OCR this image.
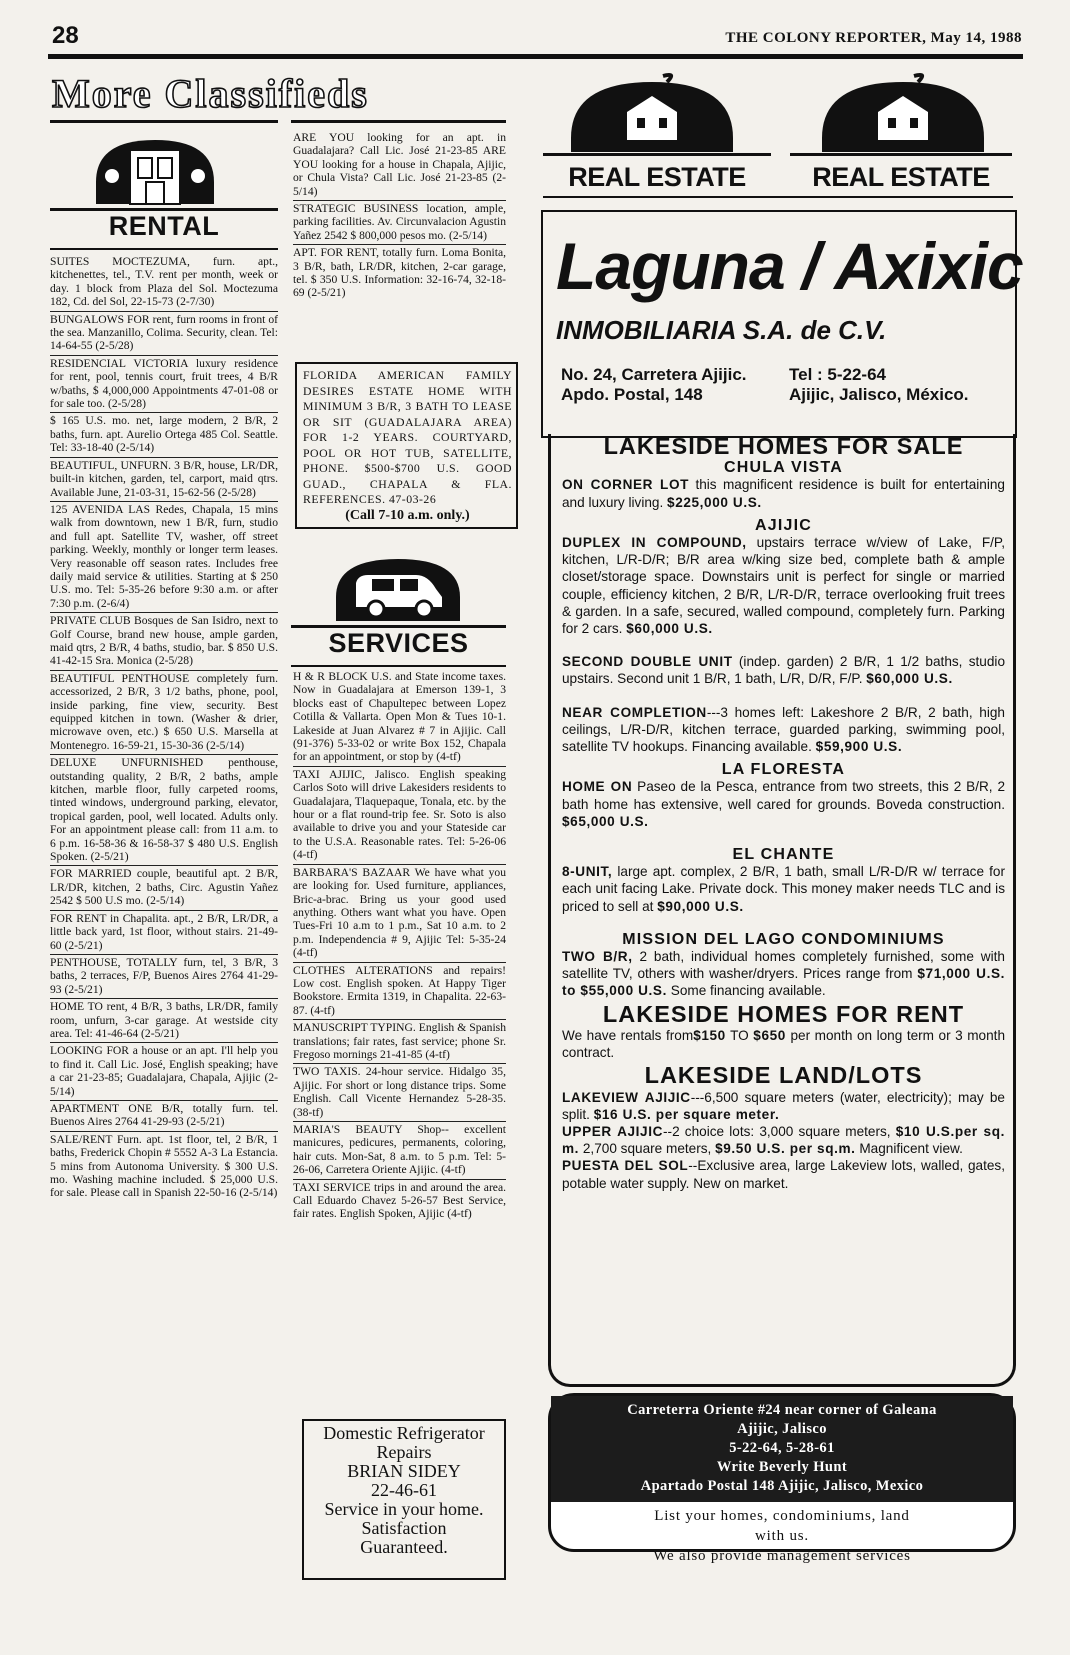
28	THE COLONY REPORTER, May 14, 1988
More Classifieds
RENTAL
SUITES MOCTEZUMA, furn. apt., kitchenettes, tel., T.V. rent per month, week or day. 1 block from Plaza del Sol. Moctezuma 182, Cd. del Sol, 22-15-73 (2-7/30)
BUNGALOWS FOR rent, furn rooms in front of the sea. Manzanillo, Colima. Security, clean. Tel: 14-64-55 (2-5/28)
RESIDENCIAL VICTORIA luxury residence for rent, pool, tennis court, fruit trees, 4 B/R w/baths, $ 4,000,000 Appointments 47-01-08 or for sale too. (2-5/28)
$ 165 U.S. mo. net, large modern, 2 B/R, 2 baths, furn. apt. Aurelio Ortega 485 Col. Seattle. Tel: 33-18-40 (2-5/14)
BEAUTIFUL, UNFURN. 3 B/R, house, LR/DR, built-in kitchen, garden, tel, carport, maid qtrs. Available June, 21-03-31, 15-62-56 (2-5/28)
125 AVENIDA LAS Redes, Chapala, 15 mins walk from downtown, new 1 B/R, furn, studio and full apt. Satellite TV, washer, off street parking. Weekly, monthly or longer term leases. Very reasonable off season rates. Includes free daily maid service & utilities. Starting at $ 250 U.S. mo. Tel: 5-35-26 before 9:30 a.m. or after 7:30 p.m. (2-6/4)
PRIVATE CLUB Bosques de San Isidro, next to Golf Course, brand new house, ample garden, maid qtrs, 2 B/R, 4 baths, studio, bar. $ 850 U.S. 41-42-15 Sra. Monica (2-5/28)
BEAUTIFUL PENTHOUSE completely furn. accessorized, 2 B/R, 3 1/2 baths, phone, pool, inside parking, fine view, security. Best equipped kitchen in town. (Washer & drier, microwave oven, etc.) $ 650 U.S. Marsella at Montenegro. 16-59-21, 15-30-36 (2-5/14)
DELUXE UNFURNISHED penthouse, outstanding quality, 2 B/R, 2 baths, ample kitchen, marble floor, fully carpeted rooms, tinted windows, underground parking, elevator, tropical garden, pool, well located. Adults only. For an appointment please call: from 11 a.m. to 6 p.m. 16-58-36 & 16-58-37 $ 480 U.S. English Spoken. (2-5/21)
FOR MARRIED couple, beautiful apt. 2 B/R, LR/DR, kitchen, 2 baths, Circ. Agustin Yañez 2542 $ 500 U.S mo. (2-5/14)
FOR RENT in Chapalita. apt., 2 B/R, LR/DR, a little back yard, 1st floor, without stairs. 21-49-60 (2-5/21)
PENTHOUSE, TOTALLY furn, tel, 3 B/R, 3 baths, 2 terraces, F/P, Buenos Aires 2764 41-29-93 (2-5/21)
HOME TO rent, 4 B/R, 3 baths, LR/DR, family room, unfurn, 3-car garage. At westside city area. Tel: 41-46-64 (2-5/21)
LOOKING FOR a house or an apt. I'll help you to find it. Call Lic. José, English speaking; have a car 21-23-85; Guadalajara, Chapala, Ajijic (2-5/14)
APARTMENT ONE B/R, totally furn. tel. Buenos Aires 2764 41-29-93 (2-5/21)
SALE/RENT Furn. apt. 1st floor, tel, 2 B/R, 1 baths, Frederick Chopin # 5552 A-3 La Estancia. 5 mins from Autonoma University. $ 300 U.S. mo. Washing machine included. $ 25,000 U.S. for sale. Please call in Spanish 22-50-16 (2-5/14)
ARE YOU looking for an apt. in Guadalajara? Call Lic. José 21-23-85 ARE YOU looking for a house in Chapala, Ajijic, or Chula Vista? Call Lic. José 21-23-85 (2-5/14)
STRATEGIC BUSINESS location, ample, parking facilities. Av. Circunvalacion Agustin Yañez 2542 $ 800,000 pesos mo. (2-5/14)
APT. FOR RENT, totally furn. Loma Bonita, 3 B/R, bath, LR/DR, kitchen, 2-car garage, tel. $ 350 U.S. Information: 32-16-74, 32-18-69 (2-5/21)
FLORIDA AMERICAN FAMILY DESIRES ESTATE HOME WITH MINIMUM 3 B/R, 3 BATH TO LEASE OR SIT (GUADALAJARA AREA) FOR 1-2 YEARS. COURTYARD, POOL OR HOT TUB, SATELLITE, PHONE. $500-$700 U.S. GOOD GUAD., CHAPALA & FLA. REFERENCES. 47-03-26
(Call 7-10 a.m. only.)
SERVICES
H & R BLOCK U.S. and State income taxes. Now in Guadalajara at Emerson 139-1, 3 blocks east of Chapultepec between Lopez Cotilla & Vallarta. Open Mon & Tues 10-1. Lakeside at Juan Alvarez # 7 in Ajijic. Call (91-376) 5-33-02 or write Box 152, Chapala for an appointment, or stop by (4-tf)
TAXI AJIJIC, Jalisco. English speaking Carlos Soto will drive Lakesiders residents to Guadalajara, Tlaquepaque, Tonala, etc. by the hour or a flat round-trip fee. Sr. Soto is also available to drive you and your Stateside car to the U.S.A. Reasonable rates. Tel: 5-26-06 (4-tf)
BARBARA'S BAZAAR We have what you are looking for. Used furniture, appliances, Bric-a-brac. Bring us your good used anything. Others want what you have. Open Tues-Fri 10 a.m to 1 p.m., Sat 10 a.m. to 2 p.m. Independencia # 9, Ajijic Tel: 5-35-24 (4-tf)
CLOTHES ALTERATIONS and repairs! Low cost. English spoken. At Happy Tiger Bookstore. Ermita 1319, in Chapalita. 22-63-87. (4-tf)
MANUSCRIPT TYPING. English & Spanish translations; fair rates, fast service; phone Sr. Fregoso mornings 21-41-85 (4-tf)
TWO TAXIS. 24-hour service. Hidalgo 35, Ajijic. For short or long distance trips. Some English. Call Vicente Hernandez 5-28-35. (38-tf)
MARIA'S BEAUTY Shop-- excellent manicures, pedicures, permanents, coloring, hair cuts. Mon-Sat, 8 a.m. to 5 p.m. Tel: 5-26-06, Carretera Oriente Ajijic. (4-tf)
TAXI SERVICE trips in and around the area. Call Eduardo Chavez 5-26-57 Best Service, fair rates. English Spoken, Ajijic (4-tf)
Domestic Refrigerator
Repairs
BRIAN SIDEY
22-46-61
Service in your home.
Satisfaction
Guaranteed.
REAL ESTATE	REAL ESTATE
Laguna / Axixic
INMOBILIARIA S.A. de C.V.
No. 24, Carretera Ajijic.
Apdo. Postal, 148
Tel : 5-22-64
Ajijic, Jalisco, México.
LAKESIDE HOMES FOR SALE
CHULA VISTA

ON CORNER LOT this magnificent residence is built for entertaining and luxury living. $225,000 U.S.

AJIJIC

DUPLEX IN COMPOUND, upstairs terrace w/view of Lake, F/P, kitchen, L/R-D/R; B/R area w/king size bed, complete bath & ample closet/storage space. Downstairs unit is perfect for single or married couple, efficiency kitchen, 2 B/R, L/R-D/R, terrace overlooking fruit trees & garden. In a safe, secured, walled compound, completely furn. Parking for 2 cars. $60,000 U.S.

SECOND DOUBLE UNIT (indep. garden) 2 B/R, 1 1/2 baths, studio upstairs. Second unit 1 B/R, 1 bath, L/R, D/R, F/P. $60,000 U.S.

NEAR COMPLETION---3 homes left: Lakeshore 2 B/R, 2 bath, high ceilings, L/R-D/R, kitchen terrace, guarded parking, swimming pool, satellite TV hookups. Financing available. $59,900 U.S.

LA FLORESTA

HOME ON Paseo de la Pesca, entrance from two streets, this 2 B/R, 2 bath home has extensive, well cared for grounds. Boveda construction. $65,000 U.S.

EL CHANTE

8-UNIT, large apt. complex, 2 B/R, 1 bath, small L/R-D/R w/ terrace for each unit facing Lake. Private dock. This money maker needs TLC and is priced to sell at $90,000 U.S.

MISSION DEL LAGO CONDOMINIUMS

TWO B/R, 2 bath, individual homes completely furnished, some with satellite TV, others with washer/dryers. Prices range from $71,000 U.S. to $55,000 U.S. Some financing available.

LAKESIDE HOMES FOR RENT

We have rentals from$150 TO $650 per month on long term or 3 month contract.

LAKESIDE LAND/LOTS

LAKEVIEW AJIJIC---6,500 square meters (water, electricity); may be split. $16 U.S. per square meter.

UPPER AJIJIC--2 choice lots: 3,000 square meters, $10 U.S.per sq. m. 2,700 square meters, $9.50 U.S. per sq.m. Magnificent view.

PUESTA DEL SOL--Exclusive area, large Lakeview lots, walled, gates, potable water supply. New on market.

Carreterra Oriente #24 near corner of Galeana
Ajijic, Jalisco
5-22-64, 5-28-61
Write Beverly Hunt
Apartado Postal 148 Ajijic, Jalisco, Mexico
List your homes, condominiums, land
with us.
We also provide management services
